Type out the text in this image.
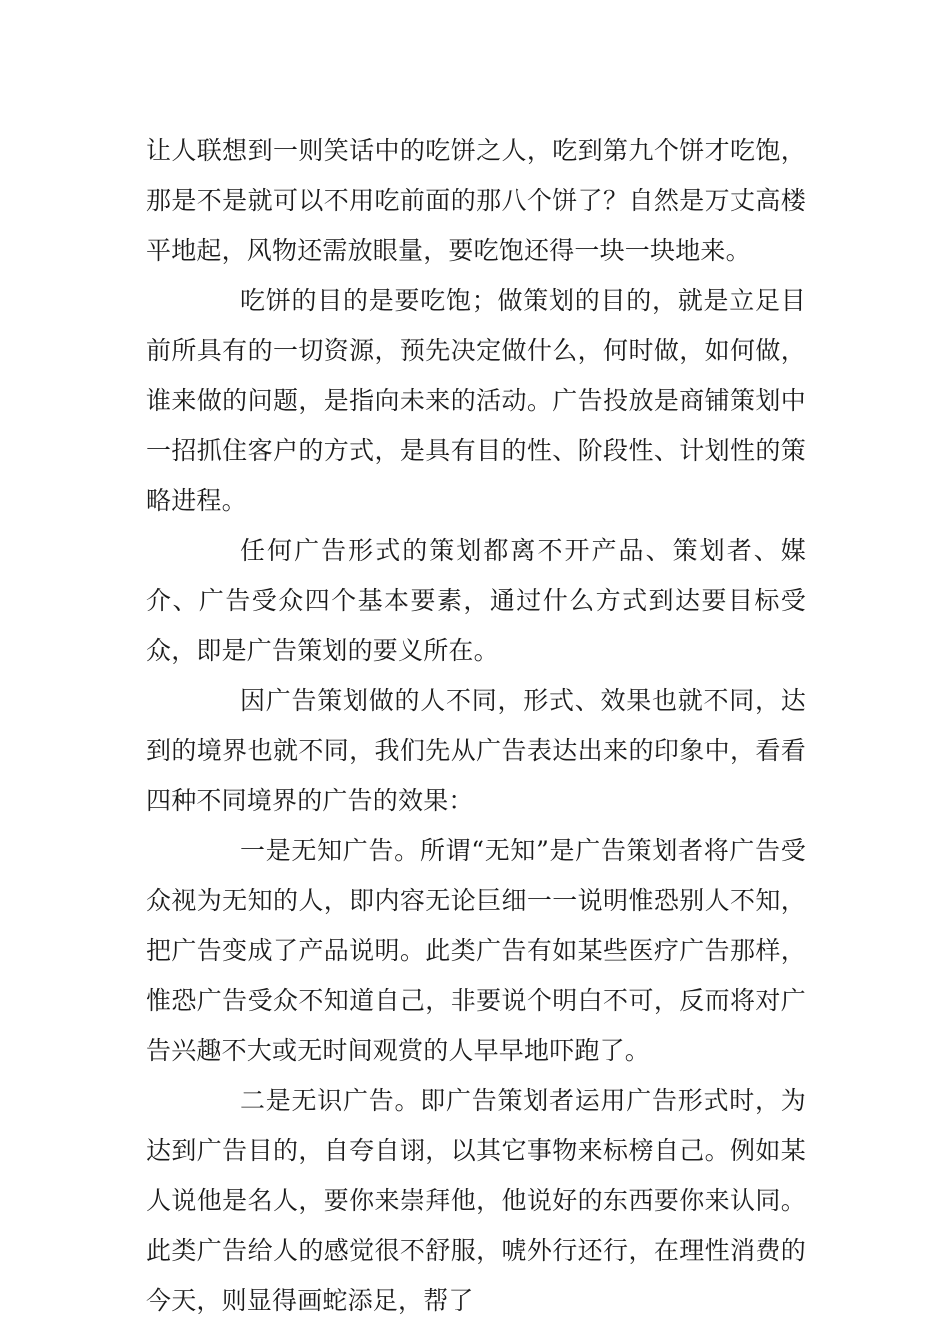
让人联想到一则笑话中的吃饼之人，吃到第九个饼才吃饱，那是不是就可以不用吃前面的那八个饼了？自然是万丈高楼平地起，风物还需放眼量，要吃饱还得一块一块地来。

吃饼的目的是要吃饱；做策划的目的，就是立足目前所具有的一切资源，预先决定做什么，何时做，如何做，谁来做的问题，是指向未来的活动。广告投放是商铺策划中一招抓住客户的方式，是具有目的性、阶段性、计划性的策略进程。

任何广告形式的策划都离不开产品、策划者、媒介、广告受众四个基本要素，通过什么方式到达要目标受众，即是广告策划的要义所在。

因广告策划做的人不同，形式、效果也就不同，达到的境界也就不同，我们先从广告表达出来的印象中，看看四种不同境界的广告的效果：

一是无知广告。所谓“无知”是广告策划者将广告受众视为无知的人，即内容无论巨细一一说明惟恐别人不知，把广告变成了产品说明。此类广告有如某些医疗广告那样，惟恐广告受众不知道自己，非要说个明白不可，反而将对广告兴趣不大或无时间观赏的人早早地吓跑了。

二是无识广告。即广告策划者运用广告形式时，为达到广告目的，自夸自诩，以其它事物来标榜自己。例如某人说他是名人，要你来崇拜他，他说好的东西要你来认同。此类广告给人的感觉很不舒服，唬外行还行，在理性消费的今天，则显得画蛇添足，帮了
